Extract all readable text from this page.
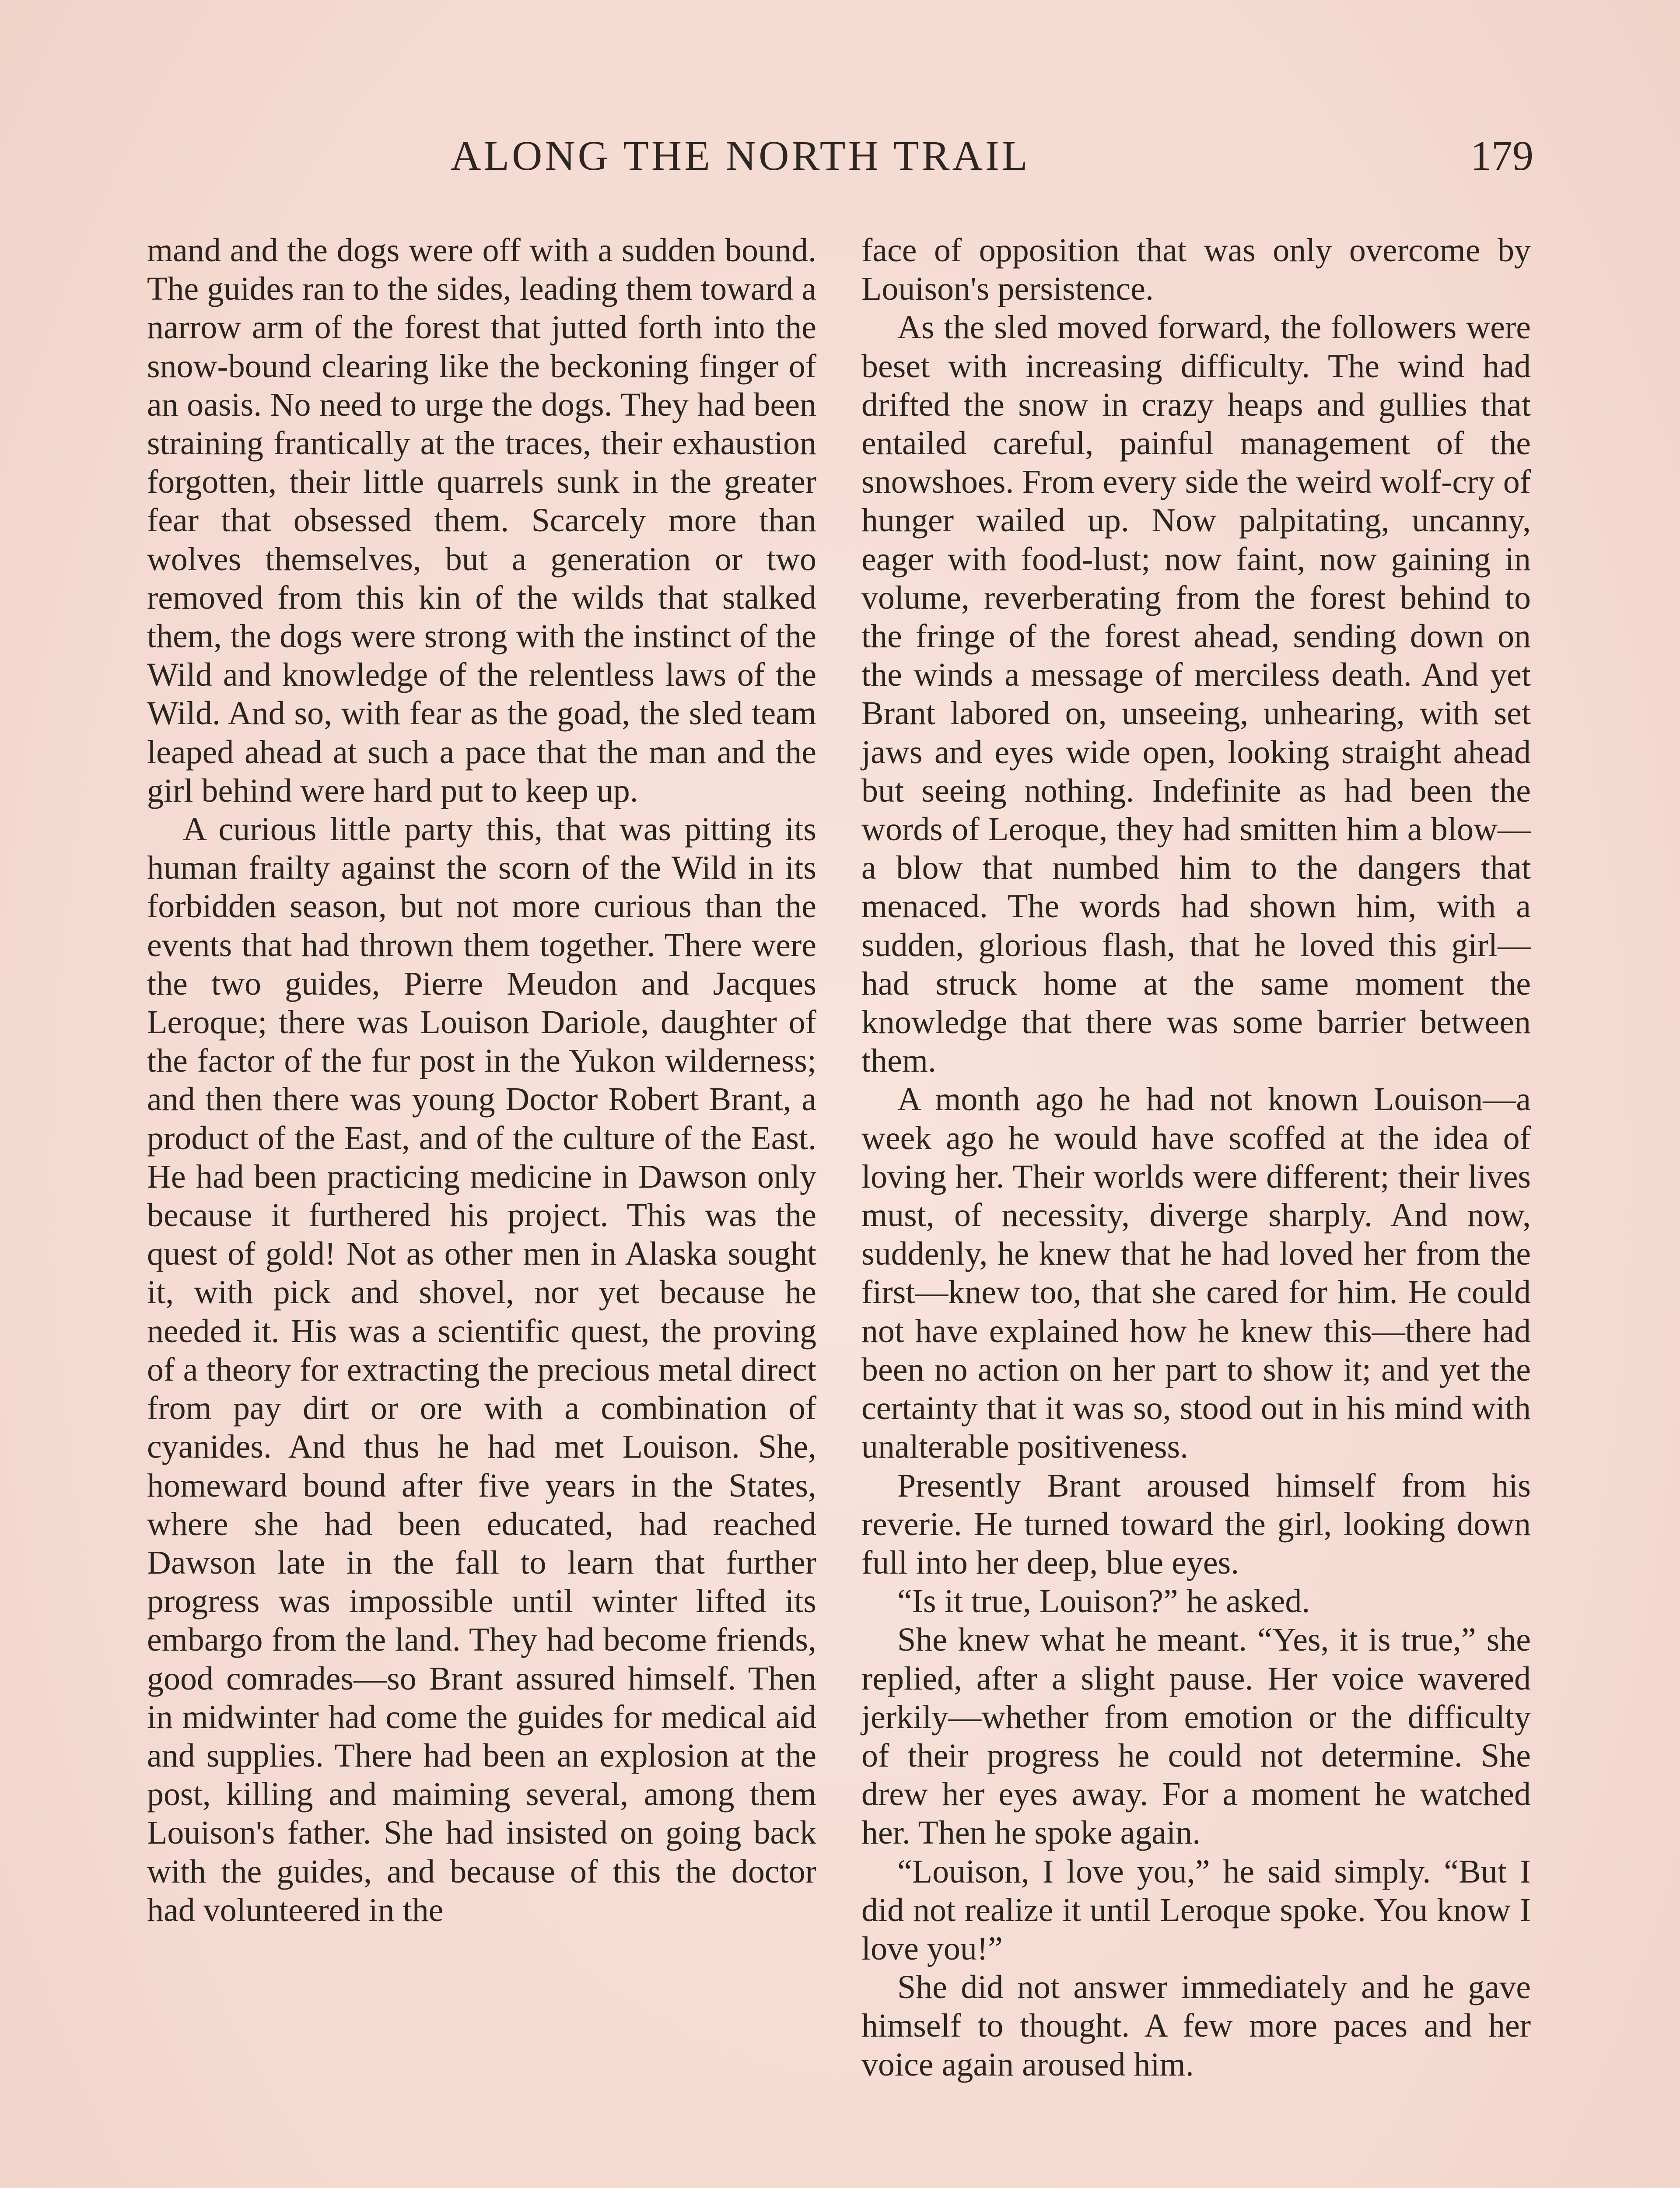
ALONG THE NORTH TRAIL	179

mand and the dogs were off with a sudden bound. The guides ran to the sides, leading them toward a narrow arm of the forest that jutted forth into the snow-bound clearing like the beckoning finger of an oasis. No need to urge the dogs. They had been straining frantically at the traces, their exhaustion forgotten, their little quarrels sunk in the greater fear that obsessed them. Scarcely more than wolves themselves, but a generation or two removed from this kin of the wilds that stalked them, the dogs were strong with the instinct of the Wild and knowledge of the relentless laws of the Wild. And so, with fear as the goad, the sled team leaped ahead at such a pace that the man and the girl behind were hard put to keep up.

A curious little party this, that was pitting its human frailty against the scorn of the Wild in its forbidden season, but not more curious than the events that had thrown them together. There were the two guides, Pierre Meudon and Jacques Leroque; there was Louison Dariole, daughter of the factor of the fur post in the Yukon wilderness; and then there was young Doctor Robert Brant, a product of the East, and of the culture of the East. He had been practicing medicine in Dawson only because it furthered his project. This was the quest of gold! Not as other men in Alaska sought it, with pick and shovel, nor yet because he needed it. His was a scientific quest, the proving of a theory for extracting the precious metal direct from pay dirt or ore with a combination of cyanides. And thus he had met Louison. She, homeward bound after five years in the States, where she had been educated, had reached Dawson late in the fall to learn that further progress was impossible until winter lifted its embargo from the land. They had become friends, good comrades—so Brant assured himself. Then in midwinter had come the guides for medical aid and supplies. There had been an explosion at the post, killing and maiming several, among them Louison's father. She had insisted on going back with the guides, and because of this the doctor had volunteered in the

face of opposition that was only overcome by Louison's persistence.

As the sled moved forward, the followers were beset with increasing difficulty. The wind had drifted the snow in crazy heaps and gullies that entailed careful, painful management of the snowshoes. From every side the weird wolf-cry of hunger wailed up. Now palpitating, uncanny, eager with food-lust; now faint, now gaining in volume, reverberating from the forest behind to the fringe of the forest ahead, sending down on the winds a message of merciless death. And yet Brant labored on, unseeing, unhearing, with set jaws and eyes wide open, looking straight ahead but seeing nothing. Indefinite as had been the words of Leroque, they had smitten him a blow—a blow that numbed him to the dangers that menaced. The words had shown him, with a sudden, glorious flash, that he loved this girl—had struck home at the same moment the knowledge that there was some barrier between them.

A month ago he had not known Louison—a week ago he would have scoffed at the idea of loving her. Their worlds were different; their lives must, of necessity, diverge sharply. And now, suddenly, he knew that he had loved her from the first—knew too, that she cared for him. He could not have explained how he knew this—there had been no action on her part to show it; and yet the certainty that it was so, stood out in his mind with unalterable positiveness.

Presently Brant aroused himself from his reverie. He turned toward the girl, looking down full into her deep, blue eyes.

“Is it true, Louison?” he asked.

She knew what he meant. “Yes, it is true,” she replied, after a slight pause. Her voice wavered jerkily—whether from emotion or the difficulty of their progress he could not determine. She drew her eyes away. For a moment he watched her. Then he spoke again.

“Louison, I love you,” he said simply. “But I did not realize it until Leroque spoke. You know I love you!”

She did not answer immediately and he gave himself to thought. A few more paces and her voice again aroused him.
